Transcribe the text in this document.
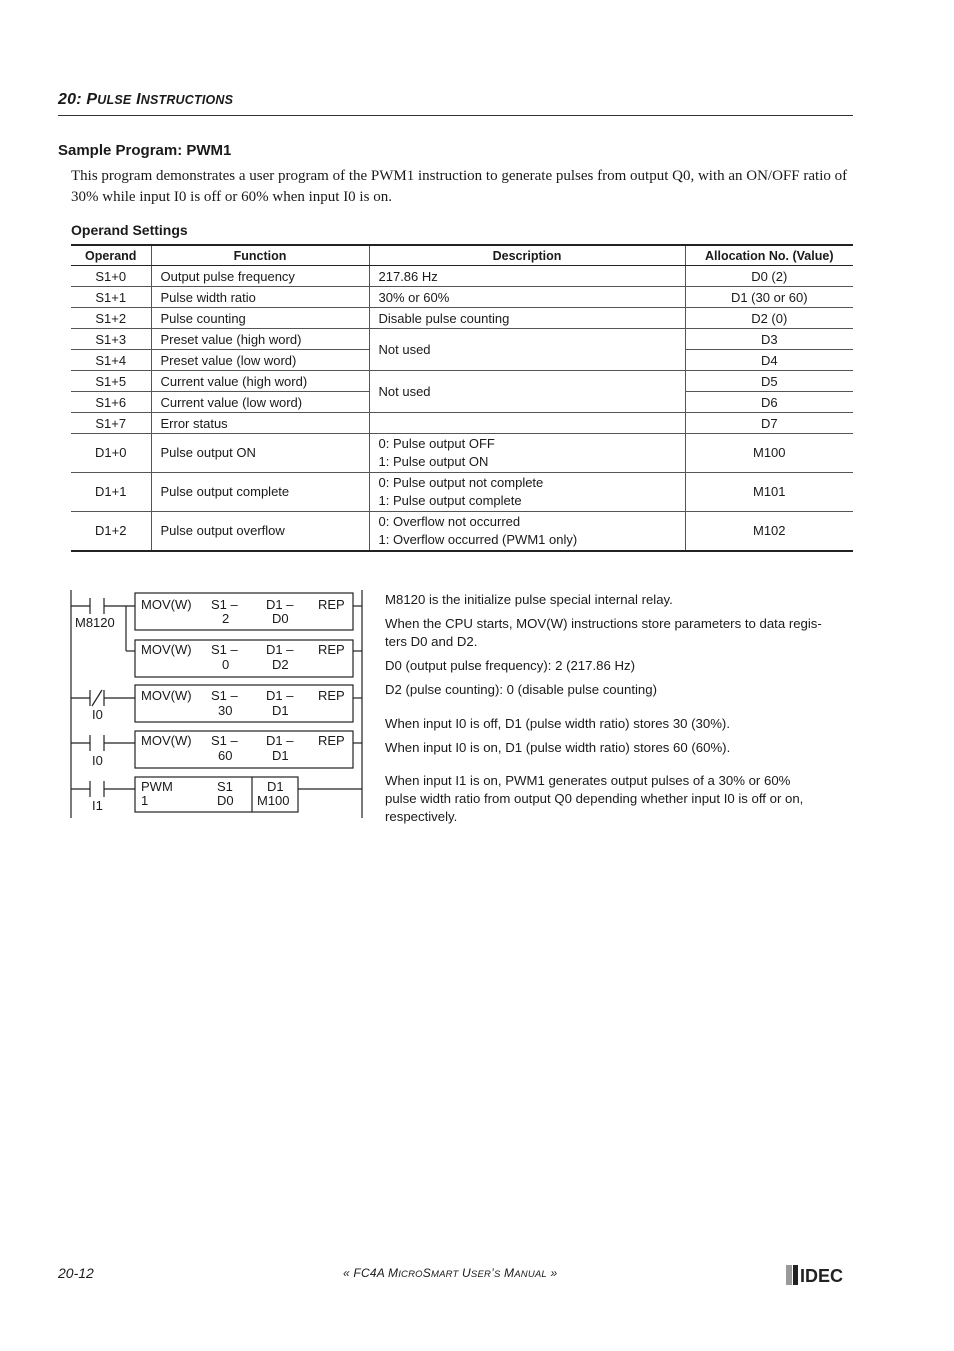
20: PULSE INSTRUCTIONS
Sample Program: PWM1
This program demonstrates a user program of the PWM1 instruction to generate pulses from output Q0, with an ON/OFF ratio of 30% while input I0 is off or 60% when input I0 is on.
Operand Settings
Operand	Function	Description	Allocation No. (Value)
S1+0	Output pulse frequency	217.86 Hz	D0 (2)
S1+1	Pulse width ratio	30% or 60%	D1 (30 or 60)
S1+2	Pulse counting	Disable pulse counting	D2 (0)
S1+3	Preset value (high word)	Not used	D3
S1+4	Preset value (low word)		D4
S1+5	Current value (high word)	Not used	D5
S1+6	Current value (low word)		D6
S1+7	Error status		D7
D1+0	Pulse output ON	0: Pulse output OFF
1: Pulse output ON	M100
D1+1	Pulse output complete	0: Pulse output not complete
1: Pulse output complete	M101
D1+2	Pulse output overflow	0: Overflow not occurred
1: Overflow occurred (PWM1 only)	M102
M8120
I0
I0
I1
MOV(W) S1 –
2
D1 –
D0
REP
MOV(W) S1 –
0
D1 –
D2
REP
MOV(W) S1 –
30
D1 –
D1
REP
MOV(W) S1 –
60
D1 –
D1
REP
PWM
1
S1
D0
D1
M100
M8120 is the initialize pulse special internal relay.
When the CPU starts, MOV(W) instructions store parameters to data regis-
ters D0 and D2.
D0 (output pulse frequency): 2 (217.86 Hz)
D2 (pulse counting): 0 (disable pulse counting)
When input I0 is off, D1 (pulse width ratio) stores 30 (30%).
When input I0 is on, D1 (pulse width ratio) stores 60 (60%).
When input I1 is on, PWM1 generates output pulses of a 30% or 60%
pulse width ratio from output Q0 depending whether input I0 is off or on,
respectively.
20-12	« FC4A MICROSMART USER’S MANUAL »	IDEC
